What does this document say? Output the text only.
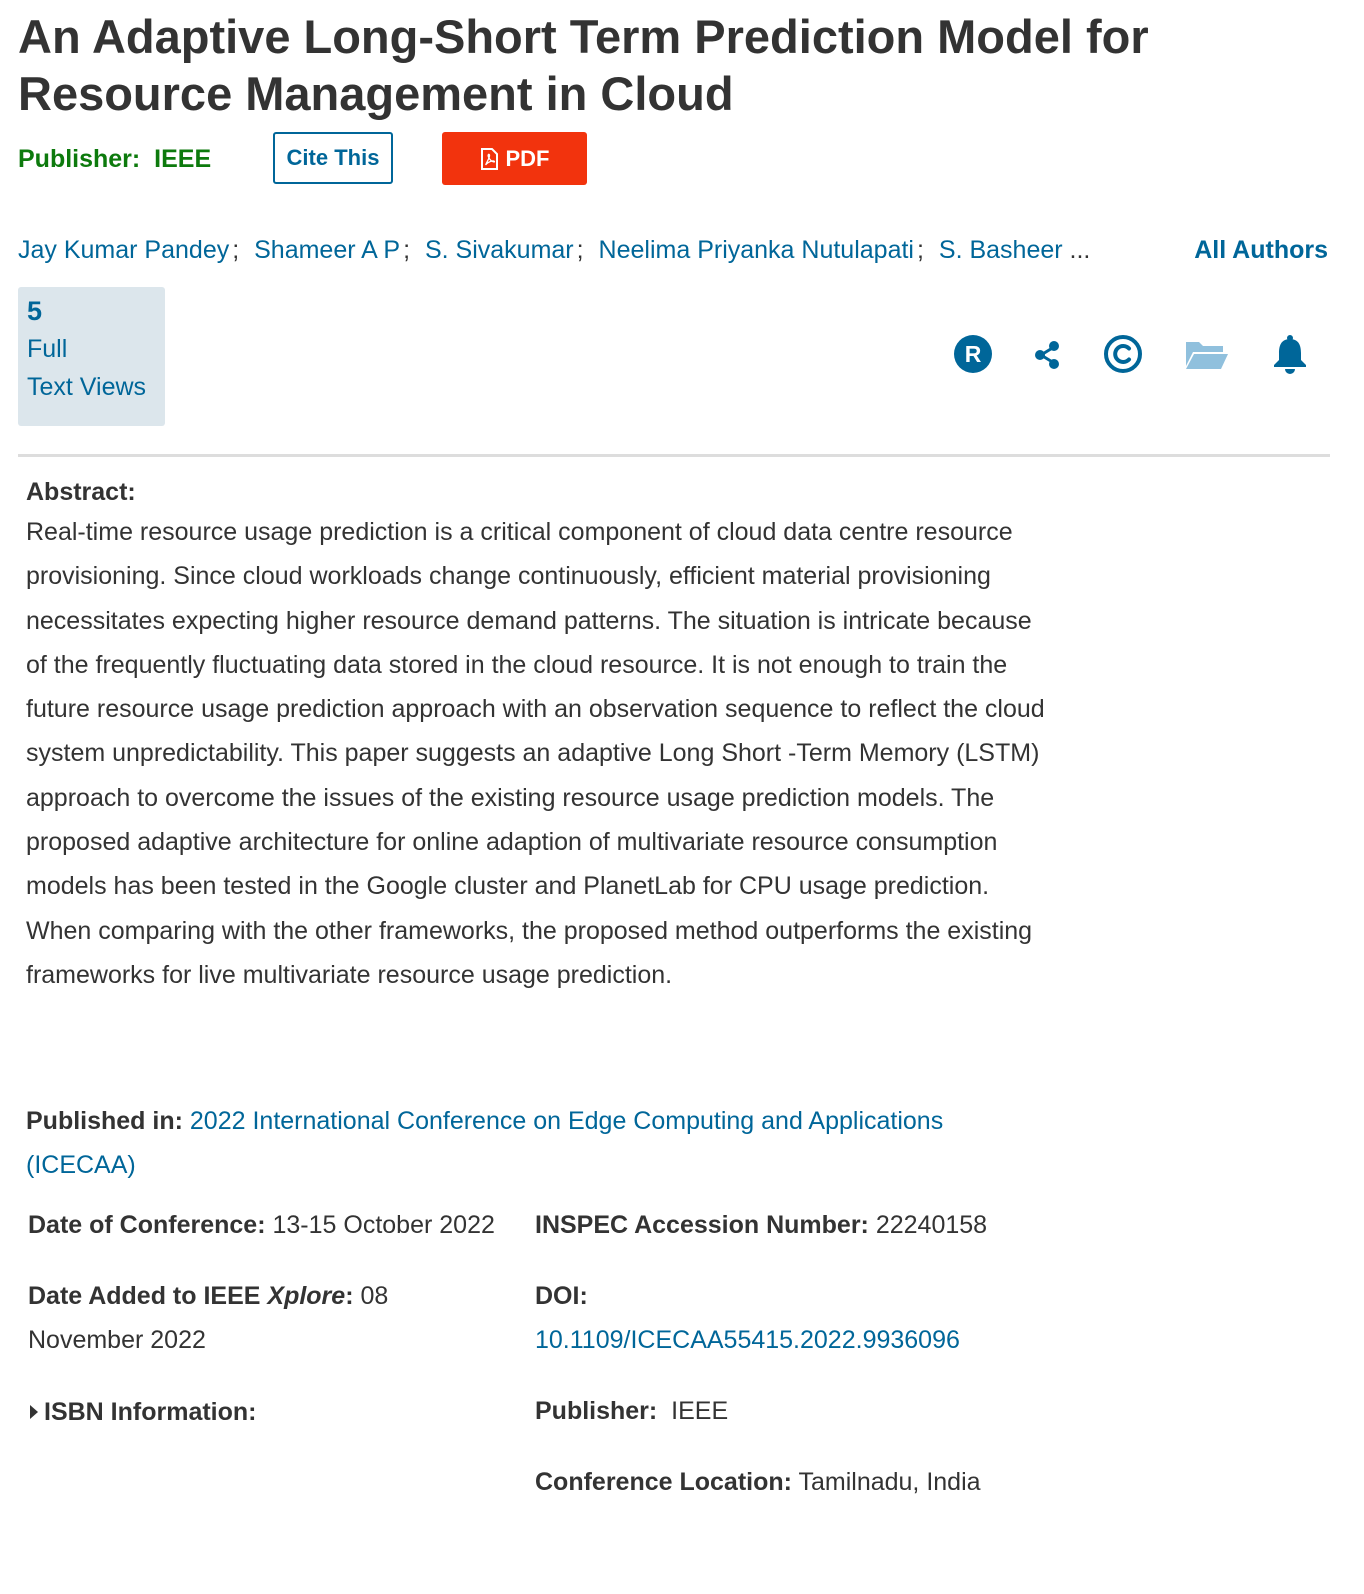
An Adaptive Long-Short Term Prediction Model for Resource Management in Cloud
Publisher: IEEE	Cite This	PDF
Jay Kumar Pandey ; Shameer A P ; S. Sivakumar ; Neelima Priyanka Nutulapati ; S. Basheer ...	All Authors
5
Full
Text Views
R
Abstract:
Real-time resource usage prediction is a critical component of cloud data centre resource provisioning. Since cloud workloads change continuously, efficient material provisioning necessitates expecting higher resource demand patterns. The situation is intricate because of the frequently fluctuating data stored in the cloud resource. It is not enough to train the future resource usage prediction approach with an observation sequence to reflect the cloud system unpredictability. This paper suggests an adaptive Long Short -Term Memory (LSTM) approach to overcome the issues of the existing resource usage prediction models. The proposed adaptive architecture for online adaption of multivariate resource consumption models has been tested in the Google cluster and PlanetLab for CPU usage prediction. When comparing with the other frameworks, the proposed method outperforms the existing frameworks for live multivariate resource usage prediction.
Published in: 2022 International Conference on Edge Computing and Applications (ICECAA)
Date of Conference: 13-15 October 2022	INSPEC Accession Number: 22240158
Date Added to IEEE Xplore: 08 November 2022
DOI:
10.1109/ICECAA55415.2022.9936096
ISBN Information:	Publisher: IEEE
Conference Location: Tamilnadu, India
